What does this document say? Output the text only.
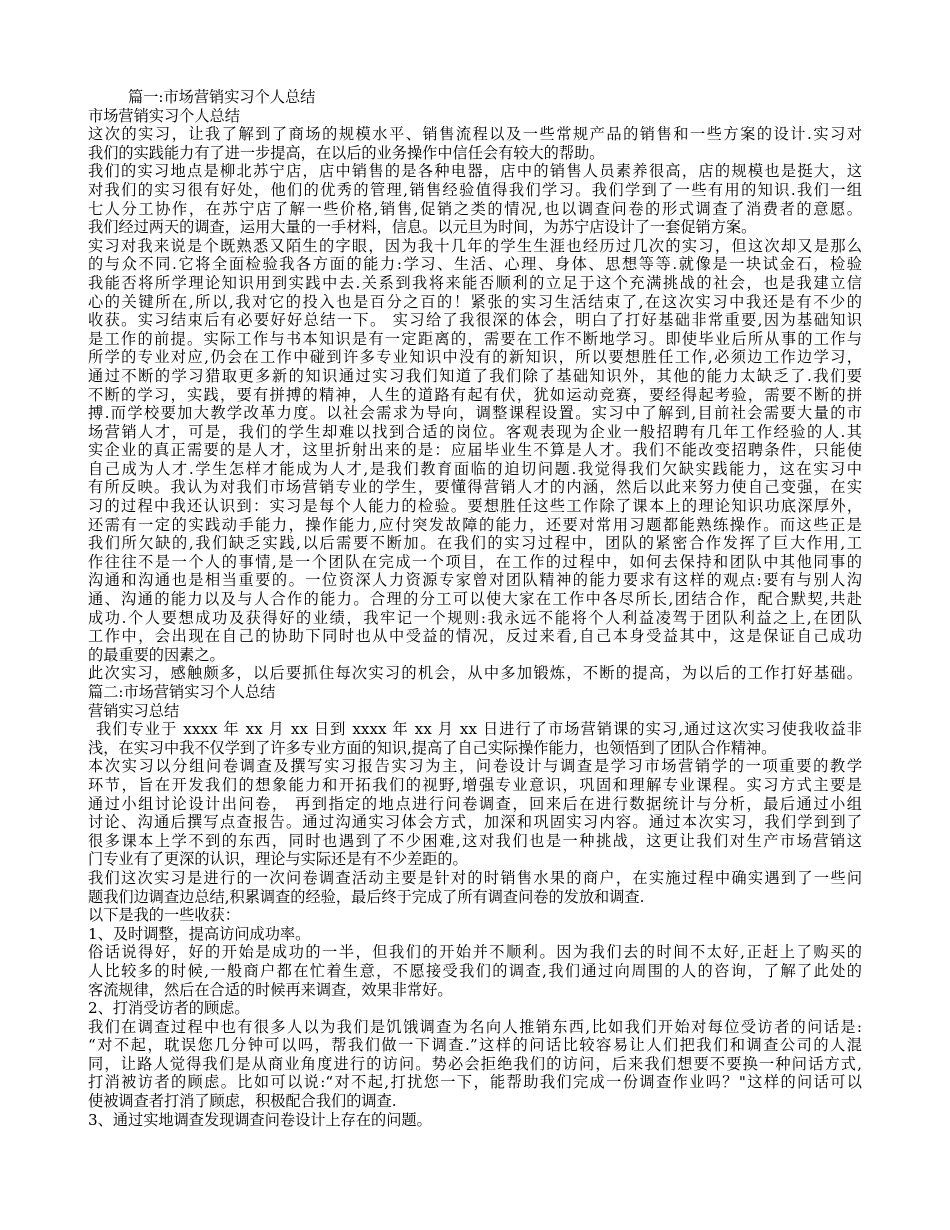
篇一:市场营销实习个人总结
市场营销实习个人总结
这次的实习，让我了解到了商场的规模水平、销售流程以及一些常规产品的销售和一些方案的设计.实习对
我们的实践能力有了进一步提高，在以后的业务操作中信任会有较大的帮助。
我们的实习地点是柳北苏宁店，店中销售的是各种电器，店中的销售人员素养很高，店的规模也是挺大，这
对我们的实习很有好处，他们的优秀的管理,销售经验值得我们学习。我们学到了一些有用的知识.我们一组
七人分工协作，在苏宁店了解一些价格,销售,促销之类的情况,也以调查问卷的形式调查了消费者的意愿。
我们经过两天的调查，运用大量的一手材料，信息。以元旦为时间，为苏宁店设计了一套促销方案。
实习对我来说是个既熟悉又陌生的字眼，因为我十几年的学生生涯也经历过几次的实习，但这次却又是那么
的与众不同.它将全面检验我各方面的能力:学习、生活、心理、身体、思想等等.就像是一块试金石，检验
我能否将所学理论知识用到实践中去.关系到我将来能否顺利的立足于这个充满挑战的社会，也是我建立信
心的关键所在,所以,我对它的投入也是百分之百的！紧张的实习生活结束了,在这次实习中我还是有不少的
收获。实习结束后有必要好好总结一下。 实习给了我很深的体会，明白了打好基础非常重要,因为基础知识
是工作的前提。实际工作与书本知识是有一定距离的，需要在工作不断地学习。即使毕业后所从事的工作与
所学的专业对应,仍会在工作中碰到许多专业知识中没有的新知识，所以要想胜任工作,必须边工作边学习，
通过不断的学习猎取更多新的知识通过实习我们知道了我们除了基础知识外，其他的能力太缺乏了.我们要
不断的学习，实践，要有拼搏的精神，人生的道路有起有伏，犹如运动竞赛，要经得起考验，需要不断的拼
搏.而学校要加大教学改革力度。以社会需求为导向，调整课程设置。实习中了解到,目前社会需要大量的市
场营销人才，可是，我们的学生却难以找到合适的岗位。客观表现为企业一般招聘有几年工作经验的人.其
实企业的真正需要的是人才，这里折射出来的是：应届毕业生不算是人才。我们不能改变招聘条件，只能使
自己成为人才.学生怎样才能成为人才,是我们教育面临的迫切问题.我觉得我们欠缺实践能力，这在实习中
有所反映。我认为对我们市场营销专业的学生，要懂得营销人才的内涵，然后以此来努力使自己变强，在实
习的过程中我还认识到：实习是每个人能力的检验。要想胜任这些工作除了课本上的理论知识功底深厚外，
还需有一定的实践动手能力，操作能力,应付突发故障的能力，还要对常用习题都能熟练操作。而这些正是
我们所欠缺的,我们缺乏实践,以后需要不断加。在我们的实习过程中，团队的紧密合作发挥了巨大作用,工
作往往不是一个人的事情,是一个团队在完成一个项目，在工作的过程中，如何去保持和团队中其他同事的
沟通和沟通也是相当重要的。一位资深人力资源专家曾对团队精神的能力要求有这样的观点:要有与别人沟
通、沟通的能力以及与人合作的能力。合理的分工可以使大家在工作中各尽所长,团结合作，配合默契,共赴
成功.个人要想成功及获得好的业绩，我牢记一个规则:我永远不能将个人利益凌驾于团队利益之上,在团队
工作中，会出现在自己的协助下同时也从中受益的情况，反过来看,自己本身受益其中，这是保证自己成功
的最重要的因素之。
此次实习，感触颇多，以后要抓住每次实习的机会，从中多加锻炼，不断的提高，为以后的工作打好基础。
篇二:市场营销实习个人总结
营销实习总结
我们专业于 xxxx 年 xx 月 xx 日到 xxxx 年 xx 月 xx 日进行了市场营销课的实习,通过这次实习使我收益非
浅，在实习中我不仅学到了许多专业方面的知识,提高了自己实际操作能力，也领悟到了团队合作精神。
本次实习以分组问卷调查及撰写实习报告实习为主，问卷设计与调查是学习市场营销学的一项重要的教学
环节，旨在开发我们的想象能力和开拓我们的视野,增强专业意识，巩固和理解专业课程。实习方式主要是
通过小组讨论设计出问卷， 再到指定的地点进行问卷调查，回来后在进行数据统计与分析，最后通过小组
讨论、沟通后撰写点查报告。通过沟通实习体会方式，加深和巩固实习内容。通过本次实习，我们学到到了
很多课本上学不到的东西，同时也遇到了不少困难,这对我们也是一种挑战，这更让我们对生产市场营销这
门专业有了更深的认识，理论与实际还是有不少差距的。
我们这次实习是进行的一次问卷调查活动主要是针对的时销售水果的商户，在实施过程中确实遇到了一些问
题我们边调查边总结,积累调查的经验，最后终于完成了所有调查问卷的发放和调查.
以下是我的一些收获：
1、及时调整，提高访问成功率。
俗话说得好，好的开始是成功的一半，但我们的开始并不顺利。因为我们去的时间不太好,正赶上了购买的
人比较多的时候,一般商户都在忙着生意，不愿接受我们的调查,我们通过向周围的人的咨询，了解了此处的
客流规律，然后在合适的时候再来调查，效果非常好。
2、打消受访者的顾虑。
我们在调查过程中也有很多人以为我们是饥饿调查为名向人推销东西,比如我们开始对每位受访者的问话是:
“对不起，耽误您几分钟可以吗，帮我们做一下调查.”这样的问话比较容易让人们把我们和调查公司的人混
同，让路人觉得我们是从商业角度进行的访问。势必会拒绝我们的访问，后来我们想要不要换一种问话方式,
打消被访者的顾虑。比如可以说:“对不起,打扰您一下，能帮助我们完成一份调查作业吗？"这样的问话可以
使被调查者打消了顾虑，积极配合我们的调查.
3、通过实地调查发现调查问卷设计上存在的问题。
